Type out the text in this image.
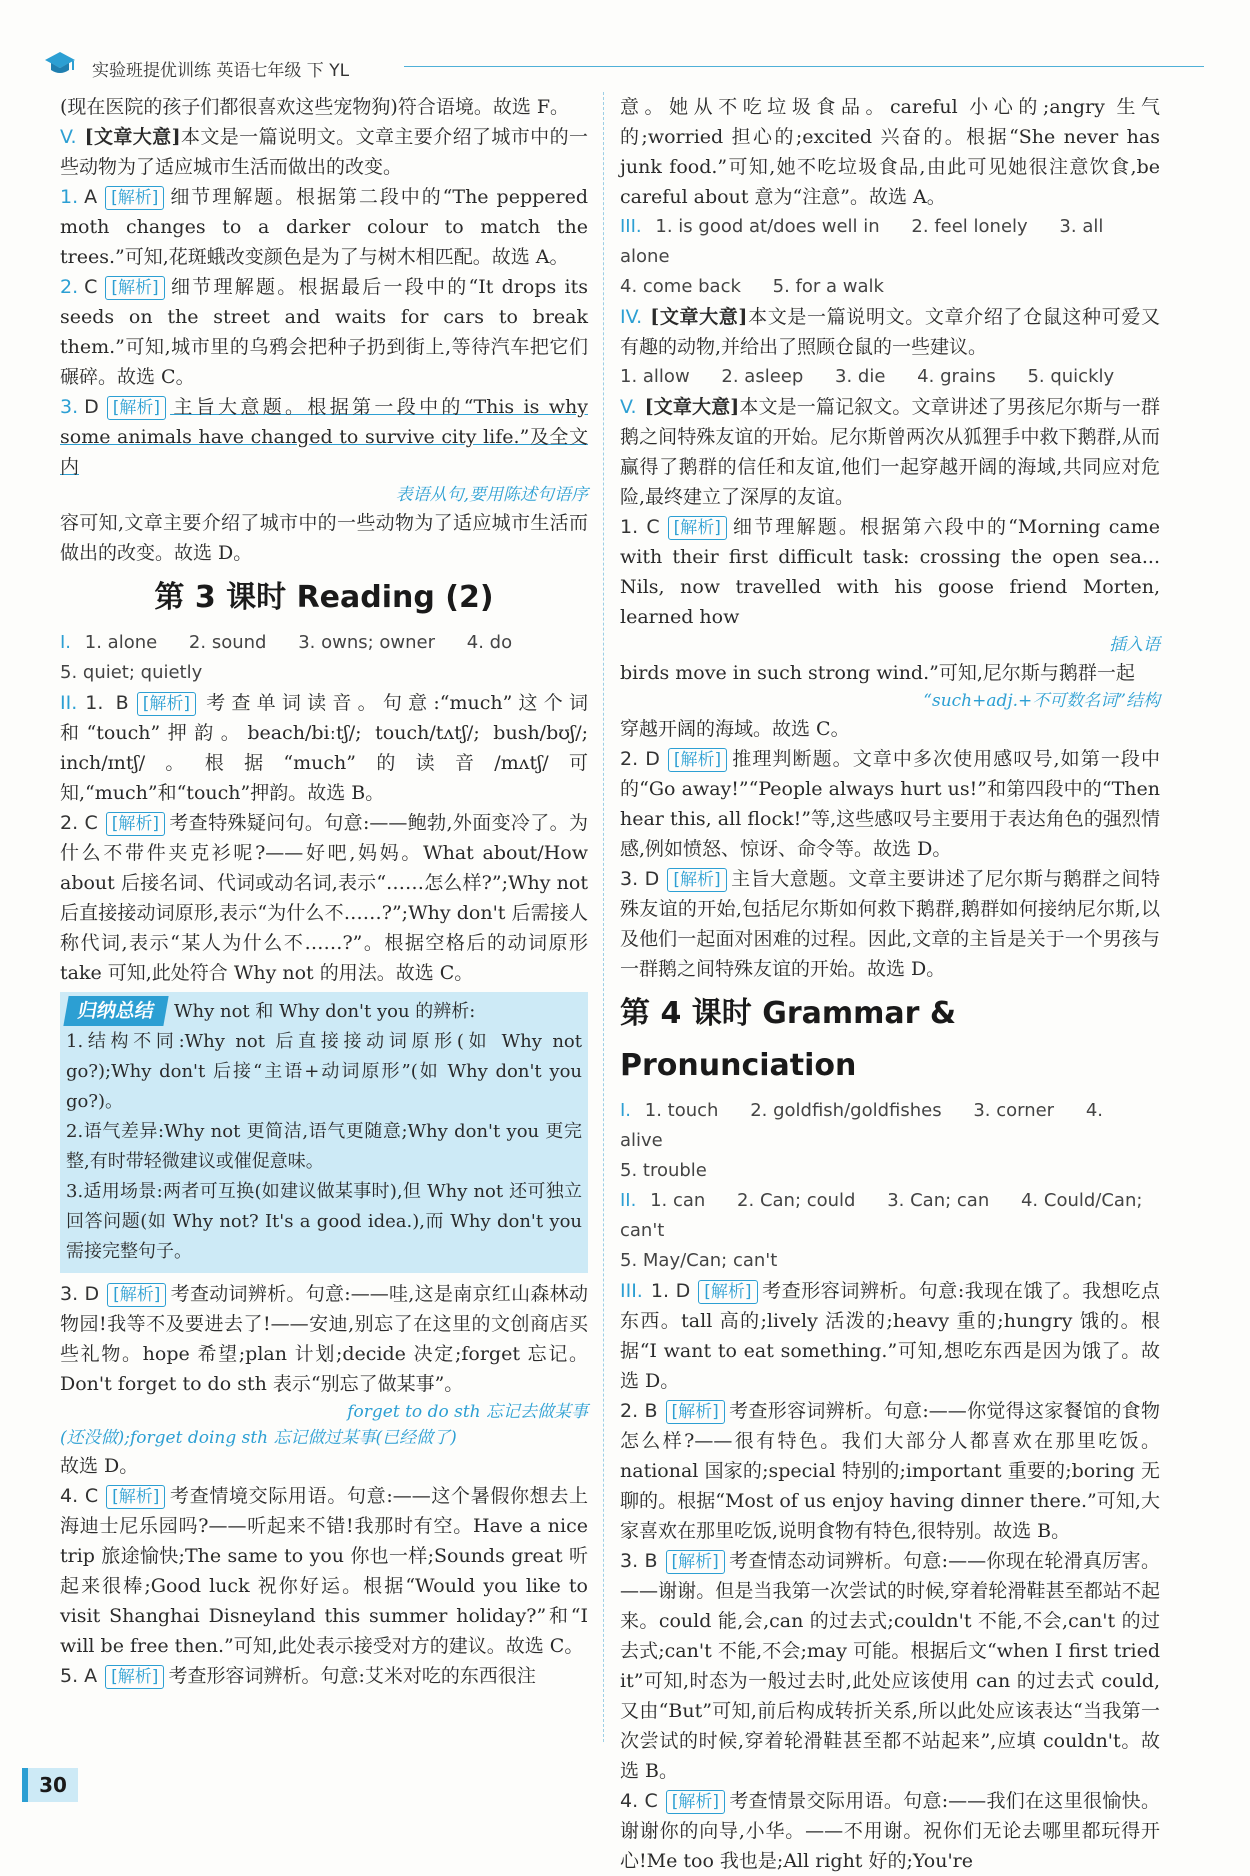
实验班提优训练 英语七年级 下 YL

(现在医院的孩子们都很喜欢这些宠物狗)符合语境。故选 F。

V. [文章大意]本文是一篇说明文。文章主要介绍了城市中的一些动物为了适应城市生活而做出的改变。

1. A [解析] 细节理解题。根据第二段中的“The peppered moth changes to a darker colour to match the trees.”可知,花斑蛾改变颜色是为了与树木相匹配。故选 A。

2. C [解析] 细节理解题。根据最后一段中的“It drops its seeds on the street and waits for cars to break them.”可知,城市里的乌鸦会把种子扔到街上,等待汽车把它们碾碎。故选 C。

3. D [解析] 主旨大意题。根据第一段中的“This is why some animals have changed to survive city life.”及全文内

表语从句,要用陈述句语序

容可知,文章主要介绍了城市中的一些动物为了适应城市生活而做出的改变。故选 D。

第 3 课时 Reading (2)
I. 1. alone 2. sound 3. owns; owner 4. do
5. quiet; quietly

II. 1. B [解析] 考查单词读音。句意:“much”这个词和“touch”押韵。beach/biːtʃ/; touch/tʌtʃ/; bush/bʊʃ/; inch/ɪntʃ/。根据“much”的读音/mʌtʃ/可知,“much”和“touch”押韵。故选 B。

2. C [解析] 考查特殊疑问句。句意:——鲍勃,外面变冷了。为什么不带件夹克衫呢?——好吧,妈妈。What about/How about 后接名词、代词或动名词,表示“……怎么样?”;Why not 后直接接动词原形,表示“为什么不……?”;Why don't 后需接人称代词,表示“某人为什么不……?”。根据空格后的动词原形 take 可知,此处符合 Why not 的用法。故选 C。

归纳总结 Why not 和 Why don't you 的辨析:

1.结构不同:Why not 后直接接动词原形(如 Why not go?);Why don't 后接“主语+动词原形”(如 Why don't you go?)。

2.语气差异:Why not 更简洁,语气更随意;Why don't you 更完整,有时带轻微建议或催促意味。

3.适用场景:两者可互换(如建议做某事时),但 Why not 还可独立回答问题(如 Why not? It's a good idea.),而 Why don't you 需接完整句子。

3. D [解析] 考查动词辨析。句意:——哇,这是南京红山森林动物园!我等不及要进去了!——安迪,别忘了在这里的文创商店买些礼物。hope 希望;plan 计划;decide 决定;forget 忘记。Don't forget to do sth 表示“别忘了做某事”。

forget to do sth 忘记去做某事
(还没做);forget doing sth 忘记做过某事(已经做了)

故选 D。

4. C [解析] 考查情境交际用语。句意:——这个暑假你想去上海迪士尼乐园吗?——听起来不错!我那时有空。Have a nice trip 旅途愉快;The same to you 你也一样;Sounds great 听起来很棒;Good luck 祝你好运。根据“Would you like to visit Shanghai Disneyland this summer holiday?”和“I will be free then.”可知,此处表示接受对方的建议。故选 C。

5. A [解析] 考查形容词辨析。句意:艾米对吃的东西很注

意。她从不吃垃圾食品。careful 小心的;angry 生气的;worried 担心的;excited 兴奋的。根据“She never has junk food.”可知,她不吃垃圾食品,由此可见她很注意饮食,be careful about 意为“注意”。故选 A。

III. 1. is good at/does well in 2. feel lonely 3. all alone
4. come back 5. for a walk

IV. [文章大意]本文是一篇说明文。文章介绍了仓鼠这种可爱又有趣的动物,并给出了照顾仓鼠的一些建议。

1. allow 2. asleep 3. die 4. grains 5. quickly

V. [文章大意]本文是一篇记叙文。文章讲述了男孩尼尔斯与一群鹅之间特殊友谊的开始。尼尔斯曾两次从狐狸手中救下鹅群,从而赢得了鹅群的信任和友谊,他们一起穿越开阔的海域,共同应对危险,最终建立了深厚的友谊。

1. C [解析] 细节理解题。根据第六段中的“Morning came with their first difficult task: crossing the open sea... Nils, now travelled with his goose friend Morten, learned how

插入语

birds move in such strong wind.”可知,尼尔斯与鹅群一起

“such+adj.+不可数名词”结构

穿越开阔的海域。故选 C。

2. D [解析] 推理判断题。文章中多次使用感叹号,如第一段中的“Go away!”“People always hurt us!”和第四段中的“Then hear this, all flock!”等,这些感叹号主要用于表达角色的强烈情感,例如愤怒、惊讶、命令等。故选 D。

3. D [解析] 主旨大意题。文章主要讲述了尼尔斯与鹅群之间特殊友谊的开始,包括尼尔斯如何救下鹅群,鹅群如何接纳尼尔斯,以及他们一起面对困难的过程。因此,文章的主旨是关于一个男孩与一群鹅之间特殊友谊的开始。故选 D。

第 4 课时 Grammar & Pronunciation
I. 1. touch 2. goldfish/goldfishes 3. corner 4. alive
5. trouble
II. 1. can 2. Can; could 3. Can; can 4. Could/Can; can't
5. May/Can; can't

III. 1. D [解析] 考查形容词辨析。句意:我现在饿了。我想吃点东西。tall 高的;lively 活泼的;heavy 重的;hungry 饿的。根据“I want to eat something.”可知,想吃东西是因为饿了。故选 D。

2. B [解析] 考查形容词辨析。句意:——你觉得这家餐馆的食物怎么样?——很有特色。我们大部分人都喜欢在那里吃饭。national 国家的;special 特别的;important 重要的;boring 无聊的。根据“Most of us enjoy having dinner there.”可知,大家喜欢在那里吃饭,说明食物有特色,很特别。故选 B。

3. B [解析] 考查情态动词辨析。句意:——你现在轮滑真厉害。——谢谢。但是当我第一次尝试的时候,穿着轮滑鞋甚至都站不起来。could 能,会,can 的过去式;couldn't 不能,不会,can't 的过去式;can't 不能,不会;may 可能。根据后文“when I first tried it”可知,时态为一般过去时,此处应该使用 can 的过去式 could,又由“But”可知,前后构成转折关系,所以此处应该表达“当我第一次尝试的时候,穿着轮滑鞋甚至都不站起来”,应填 couldn't。故选 B。

4. C [解析] 考查情景交际用语。句意:——我们在这里很愉快。谢谢你的向导,小华。——不用谢。祝你们无论去哪里都玩得开心!Me too 我也是;All right 好的;You're

30
